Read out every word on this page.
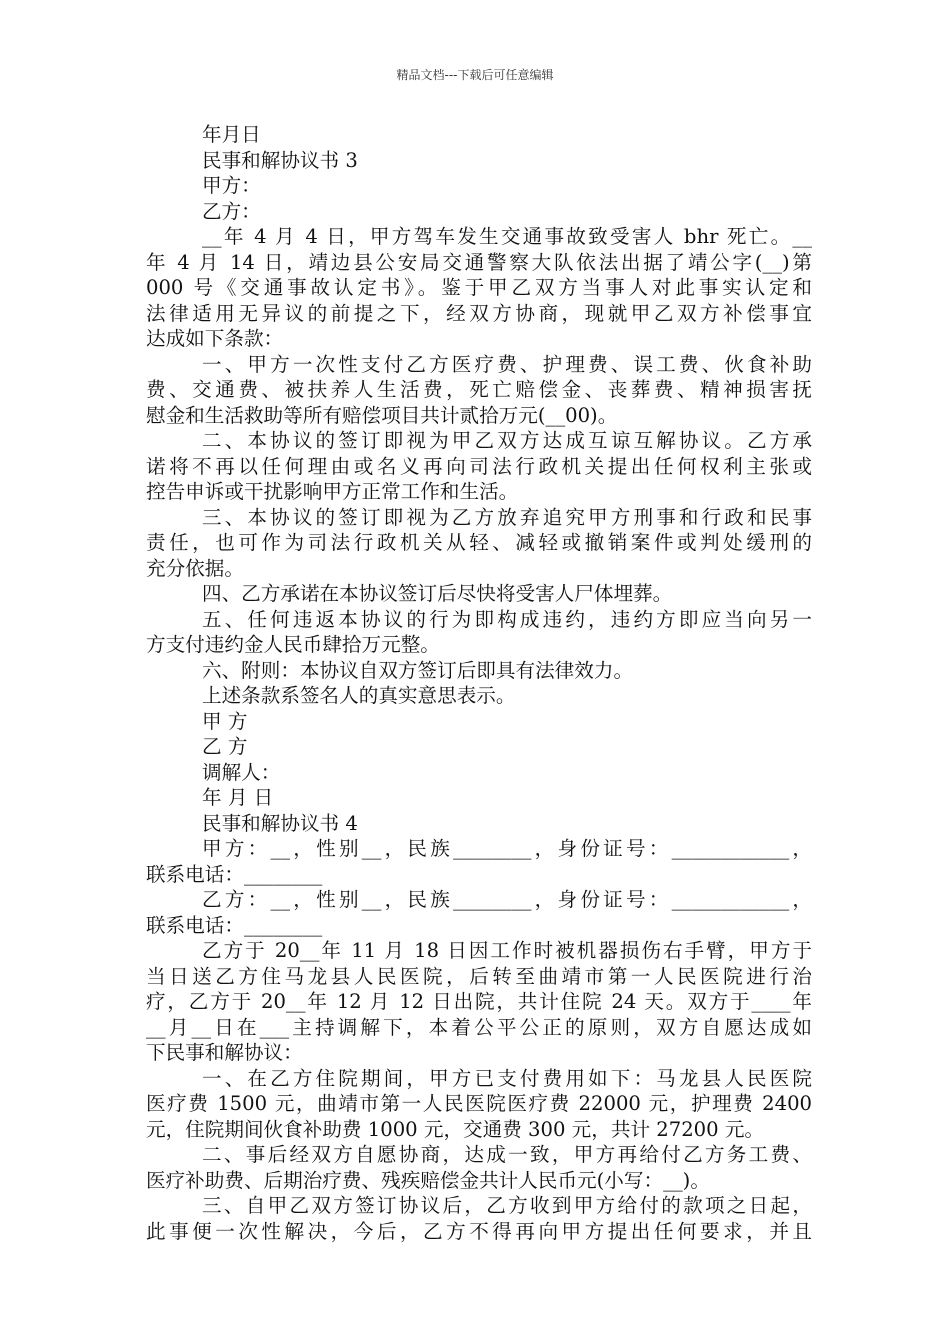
精品文档---下载后可任意编辑

年月日

民事和解协议书 3

甲方：

乙方：

__年 4 月 4 日，甲方驾车发生交通事故致受害人 bhr 死亡。__

年 4 月 14 日，靖边县公安局交通警察大队依法出据了靖公字(__)第

000 号《交通事故认定书》。鉴于甲乙双方当事人对此事实认定和

法律适用无异议的前提之下，经双方协商，现就甲乙双方补偿事宜

达成如下条款：

一、甲方一次性支付乙方医疗费、护理费、误工费、伙食补助

费、交通费、被扶养人生活费，死亡赔偿金、丧葬费、精神损害抚

慰金和生活救助等所有赔偿项目共计贰拾万元(__00)。

二、本协议的签订即视为甲乙双方达成互谅互解协议。乙方承

诺将不再以任何理由或名义再向司法行政机关提出任何权利主张或

控告申诉或干扰影响甲方正常工作和生活。

三、本协议的签订即视为乙方放弃追究甲方刑事和行政和民事

责任，也可作为司法行政机关从轻、减轻或撤销案件或判处缓刑的

充分依据。

四、乙方承诺在本协议签订后尽快将受害人尸体埋葬。

五、任何违返本协议的行为即构成违约，违约方即应当向另一

方支付违约金人民币肆拾万元整。

六、附则：本协议自双方签订后即具有法律效力。

上述条款系签名人的真实意思表示。

甲 方

乙 方

调解人：

年 月 日

民事和解协议书 4

甲方：__，性别__，民族________，身份证号：____________，

联系电话：________

乙方：__，性别__，民族________，身份证号：____________，

联系电话：________

乙方于 20__年 11 月 18 日因工作时被机器损伤右手臂，甲方于

当日送乙方住马龙县人民医院，后转至曲靖市第一人民医院进行治

疗，乙方于 20__年 12 月 12 日出院，共计住院 24 天。双方于____年

__月__日在___主持调解下，本着公平公正的原则，双方自愿达成如

下民事和解协议：

一、在乙方住院期间，甲方已支付费用如下：马龙县人民医院

医疗费 1500 元，曲靖市第一人民医院医疗费 22000 元，护理费 2400

元，住院期间伙食补助费 1000 元，交通费 300 元，共计 27200 元。

二、事后经双方自愿协商，达成一致，甲方再给付乙方务工费、

医疗补助费、后期治疗费、残疾赔偿金共计人民币元(小写：__)。

三、自甲乙双方签订协议后，乙方收到甲方给付的款项之日起，

此事便一次性解决，今后，乙方不得再向甲方提出任何要求，并且
